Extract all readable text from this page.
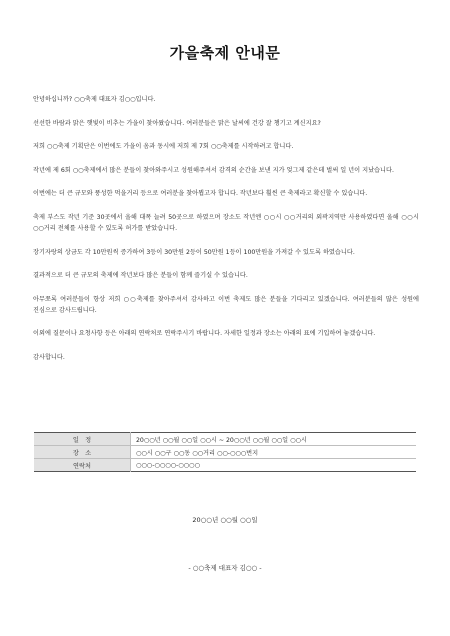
가을축제 안내문

안녕하십니까? ○○축제 대표자 김○○입니다.

선선한 바람과 맑은 햇빛이 비추는 가을이 찾아왔습니다. 여러분들은 맑은 날씨에 건강 잘 챙기고 계신지요?

저희 ○○축제 기획단은 이번에도 가을이 옴과 동시에 저희 제 7회 ○○축제를 시작하려고 합니다.

작년에 제 6회 ○○축제에서 많은 분들이 찾아와주시고 성원해주셔서 감격의 순간을 보낸 지가 엊그제 같은데 벌써 일 년이 지났습니다.

이번에는 더 큰 규모와 풍성한 먹을거리 등으로 여러분을 찾아뵙고자 합니다. 작년보다 훨씬 큰 축제라고 확신할 수 있습니다.

축제 부스도 작년 기준 30곳에서 올해 대폭 늘려 50곳으로 하였으며 장소도 작년엔 ○○시 ○○거리의 외곽지역만 사용하였다면 올해 ○○시 ○○거리 전체를 사용할 수 있도록 허가를 받았습니다.

장기자랑의 상금도 각 10만원씩 증가하여 3등이 30만원 2등이 50만원 1등이 100만원을 가져갈 수 있도록 하였습니다.

결과적으로 더 큰 규모의 축제에 작년보다 많은 분들이 함께 즐기실 수 있습니다.

아무쪼록 여러분들이 항상 저희 ○○축제를 찾아주셔서 감사하고 이번 축제도 많은 분들을 기다리고 있겠습니다. 여러분들의 많은 성원에 진심으로 감사드립니다.

이외에 질문이나 요청사항 등은 아래의 연락처로 연락주시기 바랍니다. 자세한 일정과 장소는 아래의 표에 기입하여 놓겠습니다.

감사합니다.

일　정	20○○년 ○○월 ○○일 ○○시 ~ 20○○년 ○○월 ○○일 ○○시
장　소	○○시 ○○구 ○○동 ○○거리 ○○-○○○번지
연락처	○○○-○○○○-○○○○
20○○년 ○○월 ○○일
- ○○축제 대표자 김○○ -
